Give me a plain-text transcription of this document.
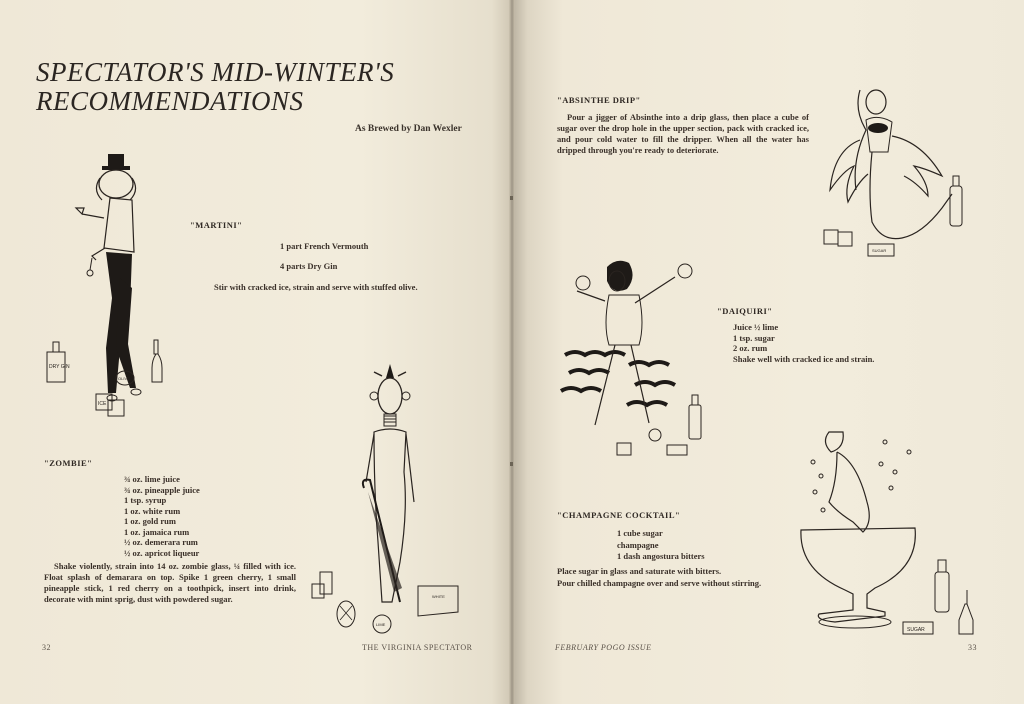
SPECTATOR'S MID-WINTER'S
RECOMMENDATIONS
As Brewed by Dan Wexler
DRY GIN
OLIVE
ICE
"MARTINI"
1 part French Vermouth
4 parts Dry Gin
Stir with cracked ice, strain and serve with stuffed olive.
LIME
WHITE
"ZOMBIE"
¾ oz. lime juice
¾ oz. pineapple juice
1 tsp. syrup
1 oz. white rum
1 oz. gold rum
1 oz. jamaica rum
½ oz. demerara rum
½ oz. apricot liqueur
Shake violently, strain into 14 oz. zombie glass, ¼ filled with ice. Float splash of demarara on top. Spike 1 green cherry, 1 small pineapple stick, 1 red cherry on a toothpick, insert into drink, decorate with mint sprig, dust with powdered sugar.
32	THE VIRGINIA SPECTATOR
"ABSINTHE DRIP"
Pour a jigger of Absinthe into a drip glass, then place a cube of sugar over the drop hole in the upper section, pack with cracked ice, and pour cold water to fill the dripper. When all the water has dripped through you're ready to deteriorate.
SUGAR
"DAIQUIRI"
Juice ½ lime
1 tsp. sugar
2 oz. rum
Shake well with cracked ice and strain.
SUGAR
"CHAMPAGNE COCKTAIL"
1 cube sugar
champagne
1 dash angostura bitters
Place sugar in glass and saturate with bitters.
Pour chilled champagne over and serve without stirring.
FEBRUARY POGO ISSUE	33
